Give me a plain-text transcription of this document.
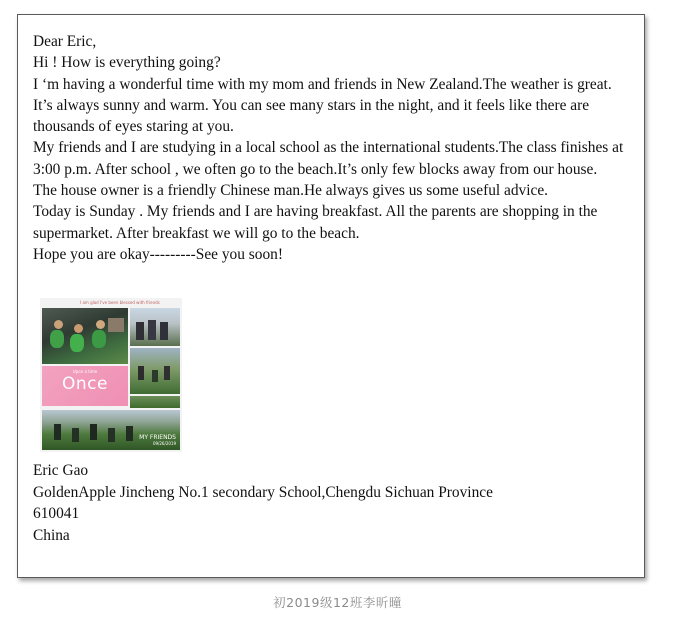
Dear Eric,

Hi ! How is everything going?

I ‘m having a wonderful time with my mom and friends in New Zealand.The weather is great. It’s always sunny and warm. You can see many stars in the night, and it feels like there are thousands of eyes staring at you.

My friends and I are studying in a local school as the international students.The class finishes at 3:00 p.m. After school , we often go to the beach.It’s only few blocks away from our house.

The house owner is a friendly Chinese man.He always gives us some useful advice.

Today is Sunday . My friends and I are having breakfast. All the parents are shopping in the supermarket. After breakfast we will go to the beach.

Hope you are okay---------See you soon!

I am glad I've been blessed with friends
Upon a time
Once
MY FRIENDS
09/26/2019

Eric Gao

GoldenApple Jincheng No.1 secondary School,Chengdu Sichuan Province

610041

China

初2019级12班李昕曈
